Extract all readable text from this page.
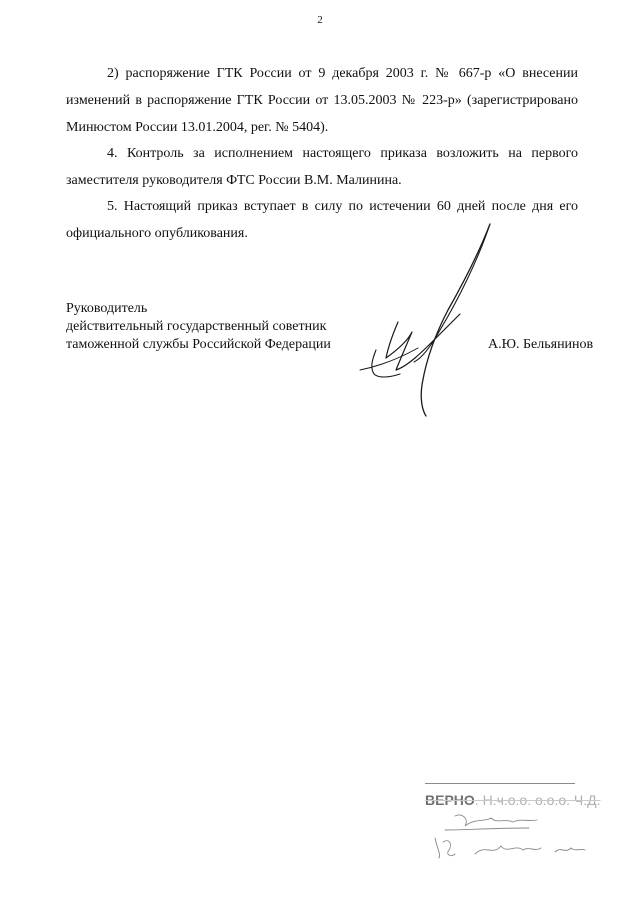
2

2) распоряжение ГТК России от 9 декабря 2003 г. № 667-р «О внесении изменений в распоряжение ГТК России от 13.05.2003 № 223-р» (зарегистрировано Минюстом России 13.01.2004, рег. № 5404).

4. Контроль за исполнением настоящего приказа возложить на первого заместителя руководителя ФТС России В.М. Малинина.

5. Настоящий приказ вступает в силу по истечении 60 дней после дня его официального опубликования.

Руководитель
действительный государственный советник
таможенной службы Российской Федерации	А.Ю. Бельянинов
ВЕРНО. Н.ч.о.о. о.о.о. Ч.Д.
